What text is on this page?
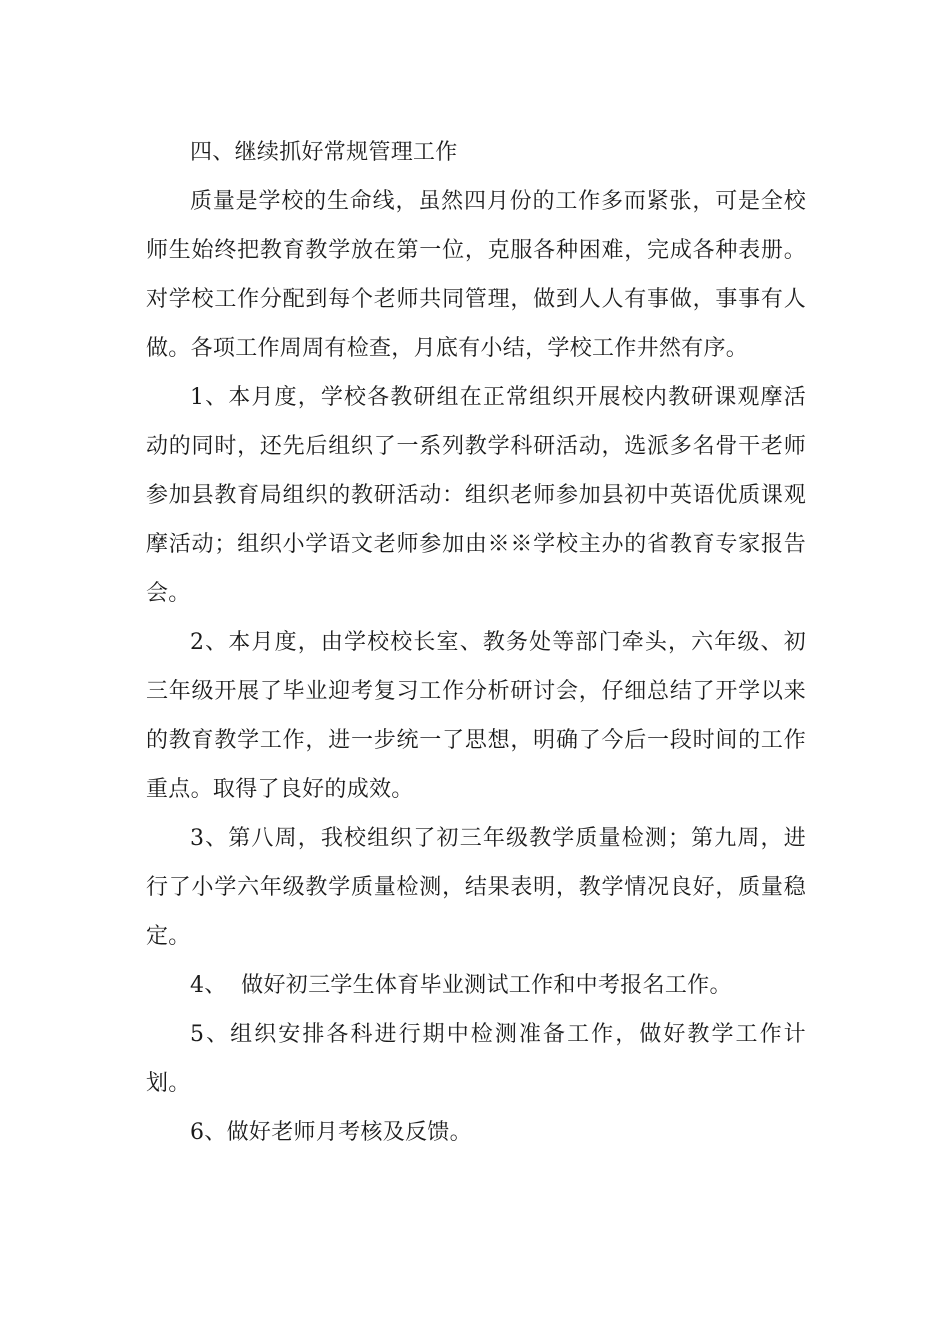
四、继续抓好常规管理工作

质量是学校的生命线，虽然四月份的工作多而紧张，可是全校师生始终把教育教学放在第一位，克服各种困难，完成各种表册。对学校工作分配到每个老师共同管理，做到人人有事做，事事有人做。各项工作周周有检查，月底有小结，学校工作井然有序。

1、本月度，学校各教研组在正常组织开展校内教研课观摩活动的同时，还先后组织了一系列教学科研活动，选派多名骨干老师参加县教育局组织的教研活动：组织老师参加县初中英语优质课观摩活动；组织小学语文老师参加由※※学校主办的省教育专家报告会。

2、本月度，由学校校长室、教务处等部门牵头，六年级、初三年级开展了毕业迎考复习工作分析研讨会，仔细总结了开学以来的教育教学工作，进一步统一了思想，明确了今后一段时间的工作重点。取得了良好的成效。

3、第八周，我校组织了初三年级教学质量检测；第九周，进行了小学六年级教学质量检测，结果表明，教学情况良好，质量稳定。

4、  做好初三学生体育毕业测试工作和中考报名工作。

5、组织安排各科进行期中检测准备工作，做好教学工作计划。

6、做好老师月考核及反馈。
